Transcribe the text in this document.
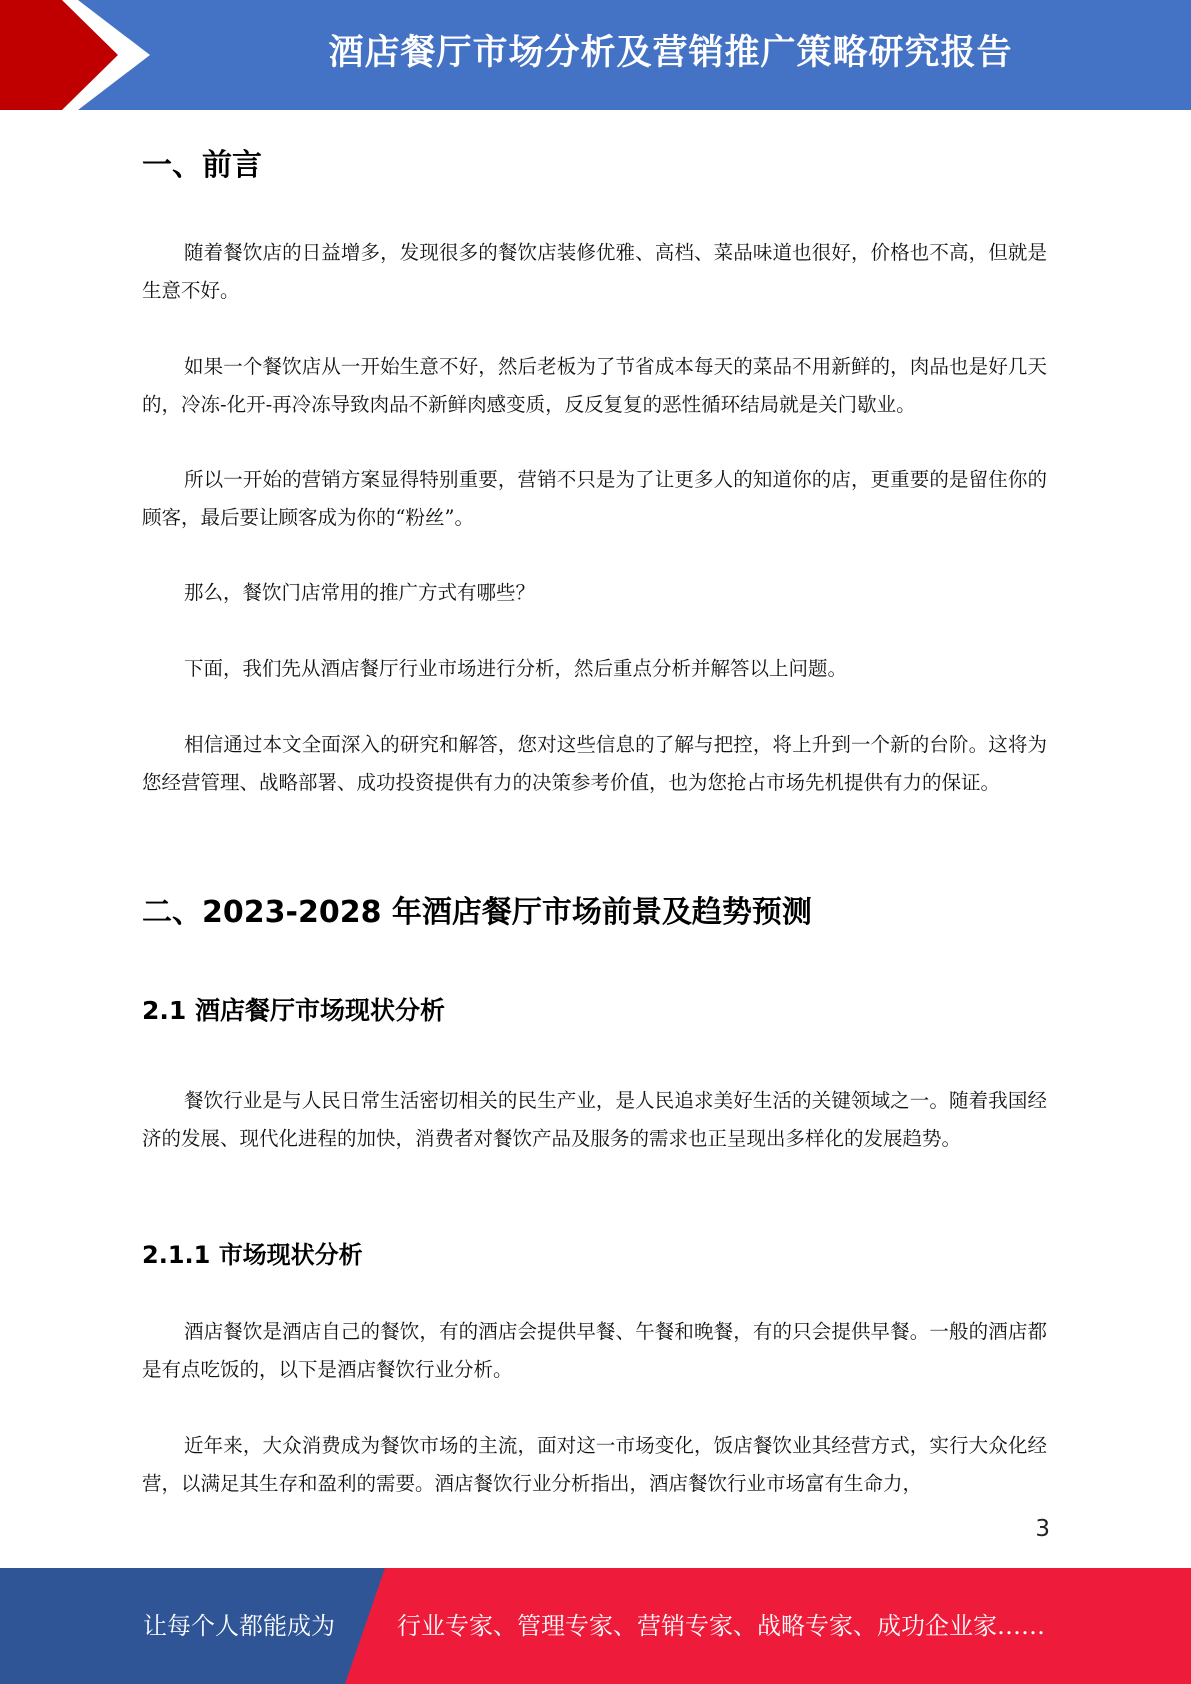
酒店餐厅市场分析及营销推广策略研究报告
一、前言

随着餐饮店的日益增多，发现很多的餐饮店装修优雅、高档、菜品味道也很好，价格也不高，但就是生意不好。

如果一个餐饮店从一开始生意不好，然后老板为了节省成本每天的菜品不用新鲜的，肉品也是好几天的，冷冻-化开-再冷冻导致肉品不新鲜肉感变质，反反复复的恶性循环结局就是关门歇业。

所以一开始的营销方案显得特别重要，营销不只是为了让更多人的知道你的店，更重要的是留住你的顾客，最后要让顾客成为你的“粉丝”。

那么，餐饮门店常用的推广方式有哪些？

下面，我们先从酒店餐厅行业市场进行分析，然后重点分析并解答以上问题。

相信通过本文全面深入的研究和解答，您对这些信息的了解与把控，将上升到一个新的台阶。这将为您经营管理、战略部署、成功投资提供有力的决策参考价值，也为您抢占市场先机提供有力的保证。

二、2023-2028 年酒店餐厅市场前景及趋势预测
2.1 酒店餐厅市场现状分析

餐饮行业是与人民日常生活密切相关的民生产业，是人民追求美好生活的关键领域之一。随着我国经济的发展、现代化进程的加快，消费者对餐饮产品及服务的需求也正呈现出多样化的发展趋势。

2.1.1 市场现状分析

酒店餐饮是酒店自己的餐饮，有的酒店会提供早餐、午餐和晚餐，有的只会提供早餐。一般的酒店都是有点吃饭的，以下是酒店餐饮行业分析。

近年来，大众消费成为餐饮市场的主流，面对这一市场变化，饭店餐饮业其经营方式，实行大众化经营，以满足其生存和盈利的需要。酒店餐饮行业分析指出，酒店餐饮行业市场富有生命力，

3
让每个人都能成为	行业专家、管理专家、营销专家、战略专家、成功企业家……
